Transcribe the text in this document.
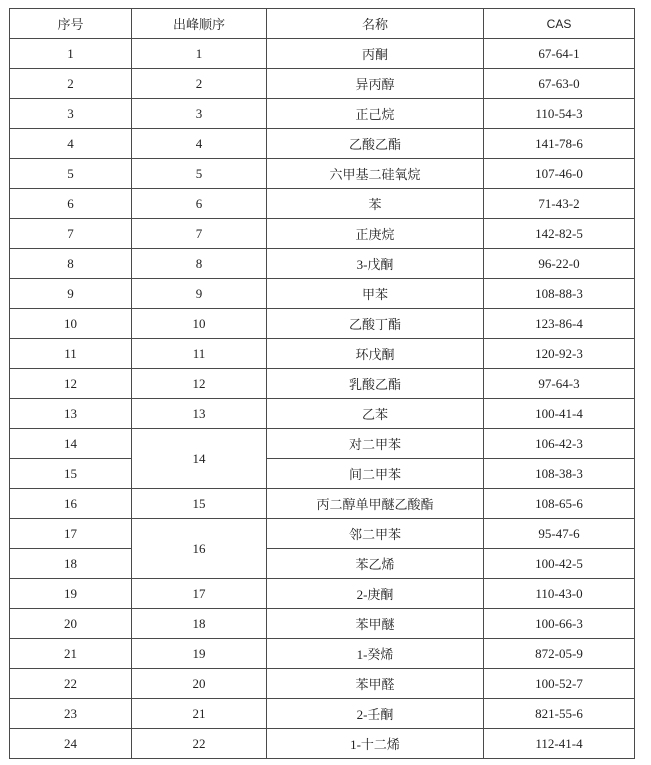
序号	出峰顺序	名称	CAS
1	1	丙酮	67-64-1
2	2	异丙醇	67-63-0
3	3	正己烷	110-54-3
4	4	乙酸乙酯	141-78-6
5	5	六甲基二硅氧烷	107-46-0
6	6	苯	71-43-2
7	7	正庚烷	142-82-5
8	8	3-戊酮	96-22-0
9	9	甲苯	108-88-3
10	10	乙酸丁酯	123-86-4
11	11	环戊酮	120-92-3
12	12	乳酸乙酯	97-64-3
13	13	乙苯	100-41-4
14	14	对二甲苯	106-42-3
15		间二甲苯	108-38-3
16	15	丙二醇单甲醚乙酸酯	108-65-6
17	16	邻二甲苯	95-47-6
18		苯乙烯	100-42-5
19	17	2-庚酮	110-43-0
20	18	苯甲醚	100-66-3
21	19	1-癸烯	872-05-9
22	20	苯甲醛	100-52-7
23	21	2-壬酮	821-55-6
24	22	1-十二烯	112-41-4
